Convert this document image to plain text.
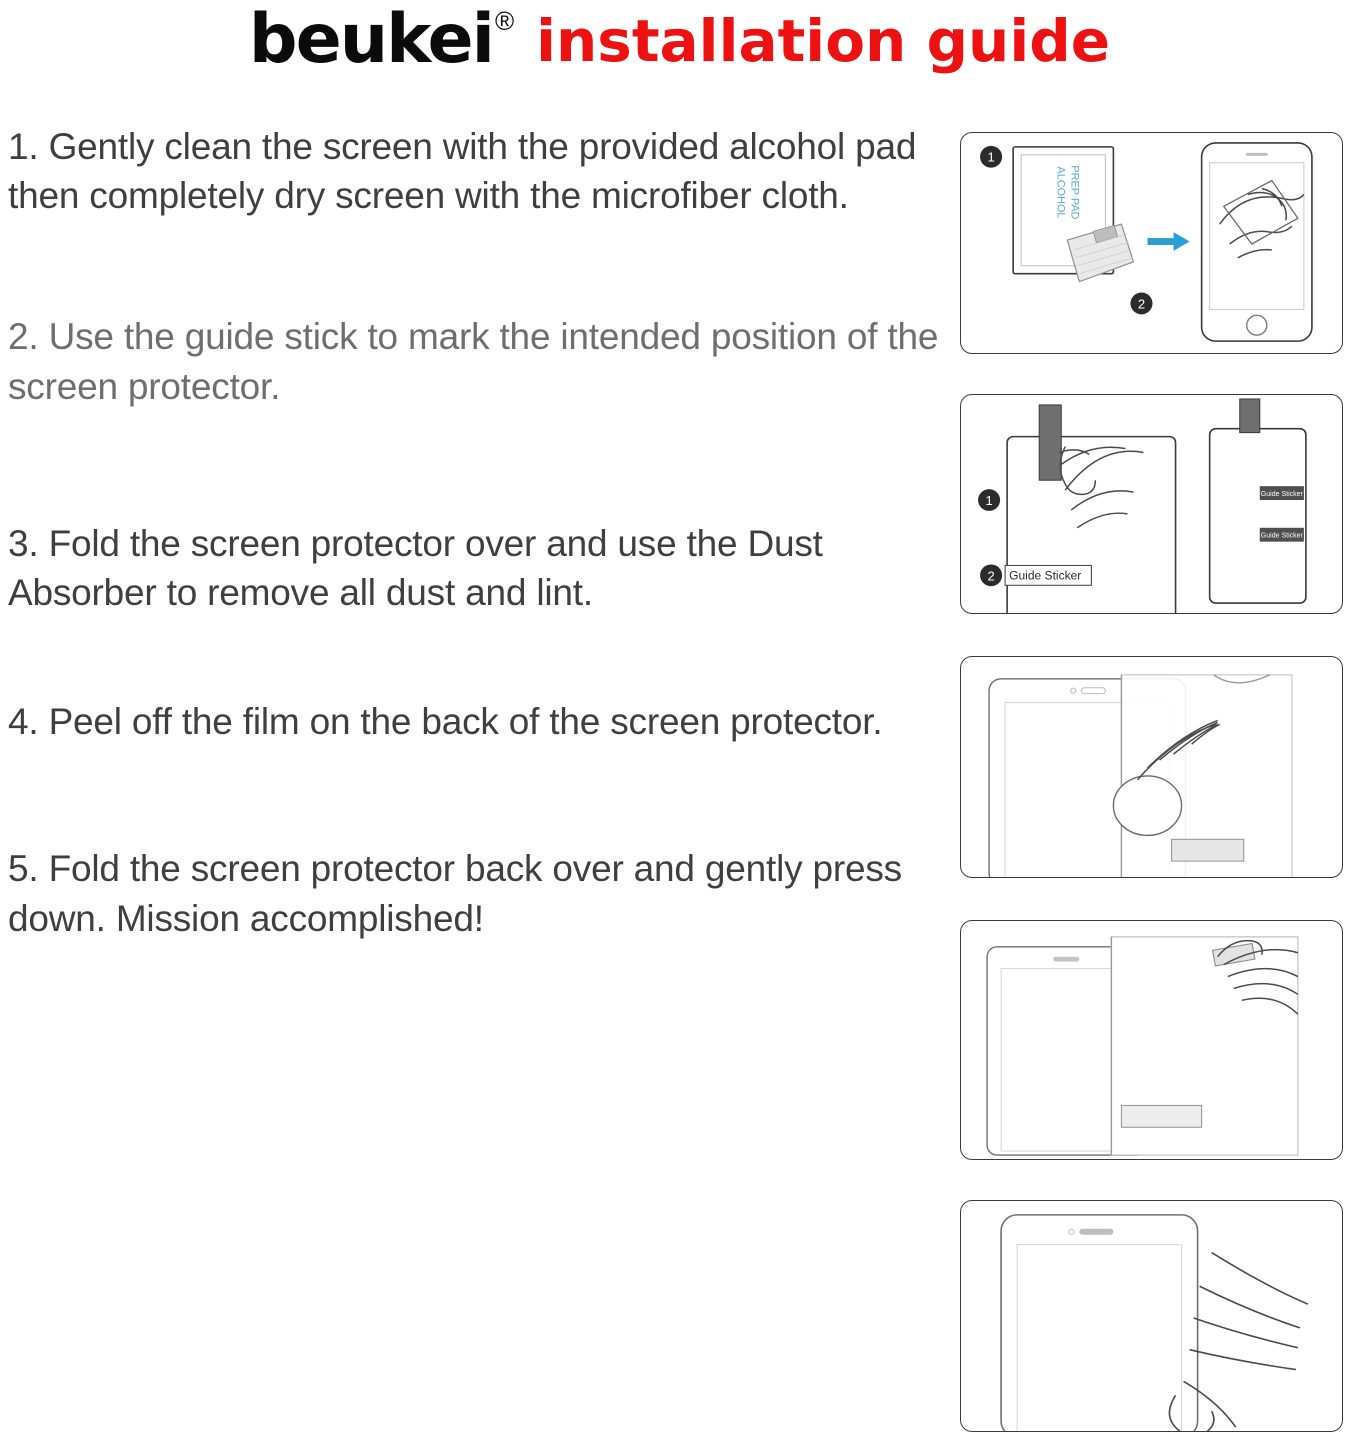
beukei ® installation guide
1. Gently clean the screen with the provided alcohol pad then completely dry screen with the microfiber cloth.
2. Use the guide stick to mark the intended position of the screen protector.
3. Fold the screen protector over and use the Dust Absorber to remove all dust and lint.
4. Peel off the film on the back of the screen protector.
5. Fold the screen protector back over and gently press down. Mission accomplished!
1
ALCOHOL PREP PAD
2
1
2 Guide Sticker
Guide Sticker
Guide Sticker
